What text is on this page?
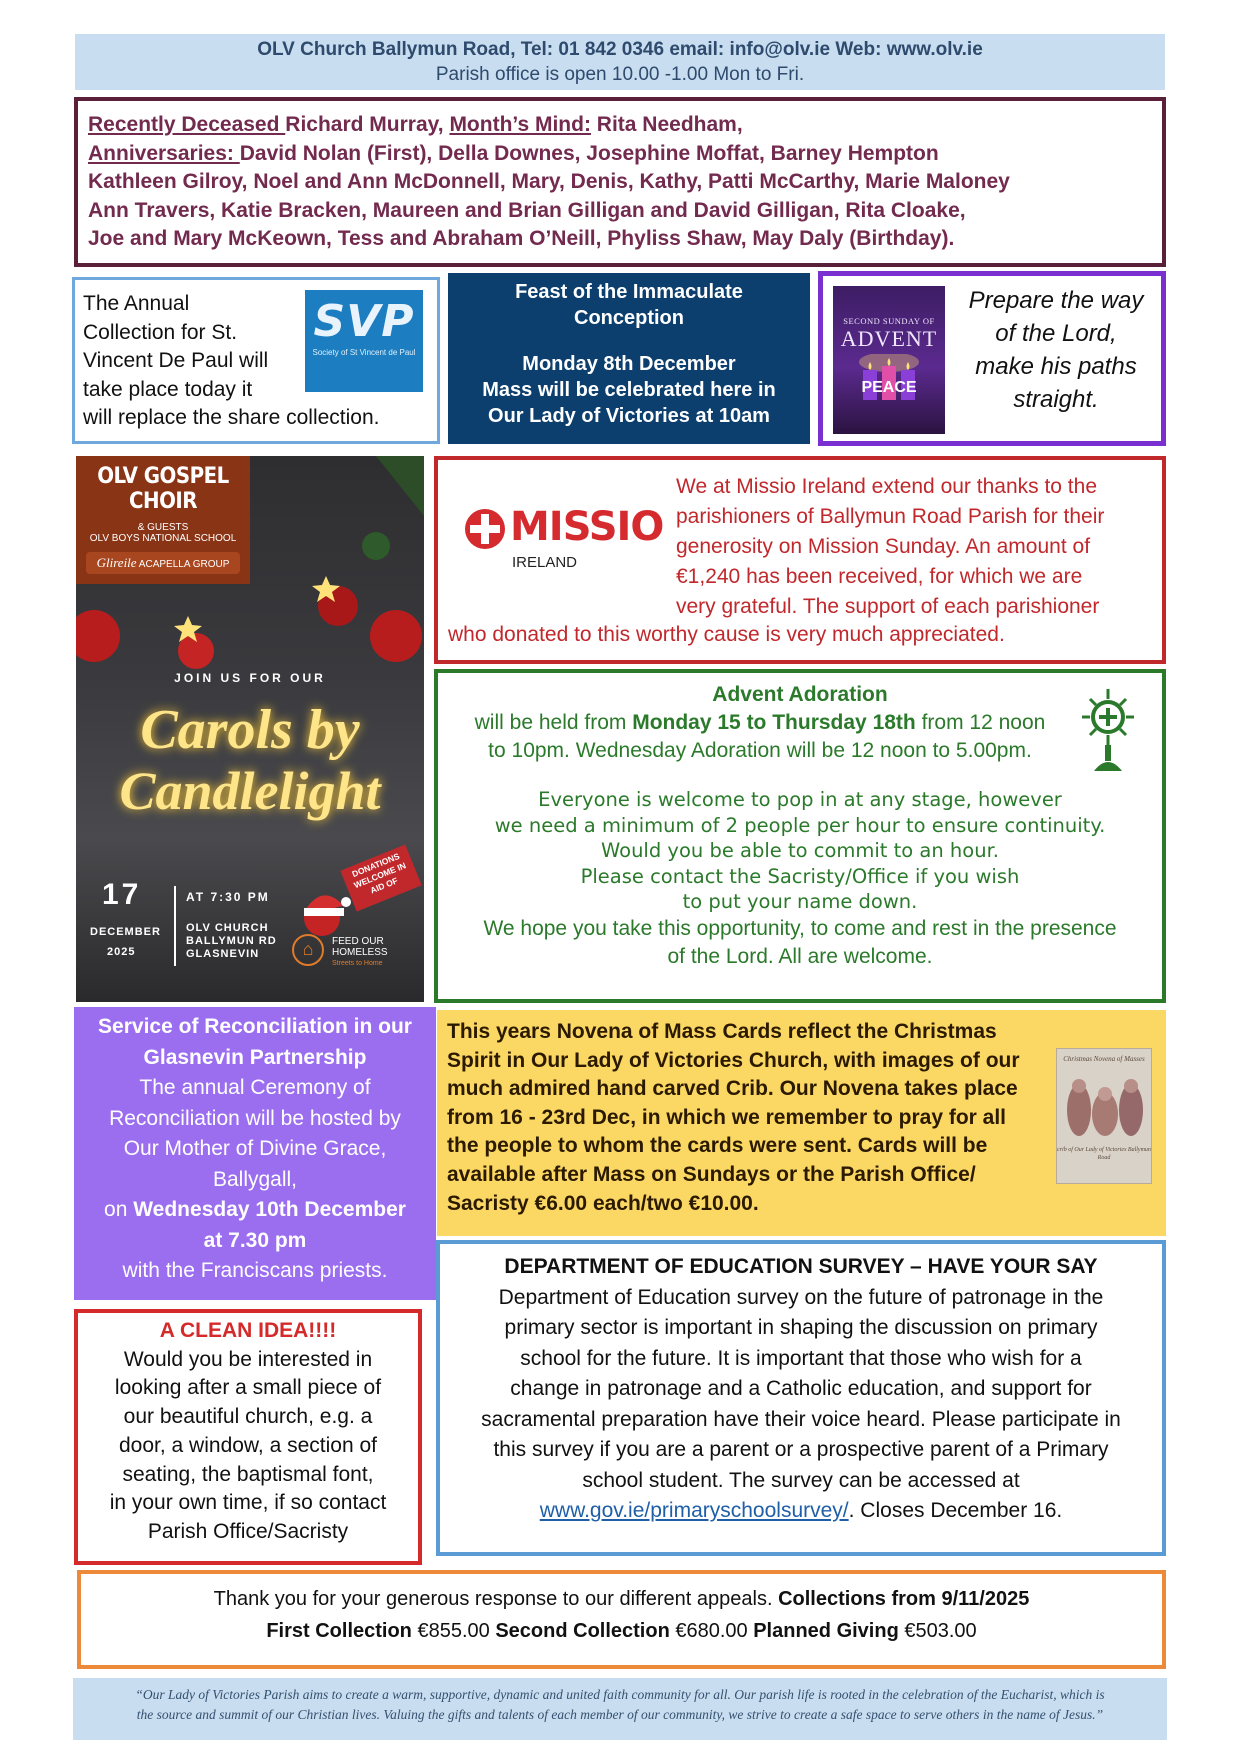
OLV Church Ballymun Road, Tel: 01 842 0346 email: info@olv.ie Web: www.olv.ie
Parish office is open 10.00 -1.00 Mon to Fri.
Recently Deceased Richard Murray, Month’s Mind: Rita Needham,
Anniversaries: David Nolan (First), Della Downes, Josephine Moffat, Barney Hempton
Kathleen Gilroy, Noel and Ann McDonnell, Mary, Denis, Kathy, Patti McCarthy, Marie Maloney
Ann Travers, Katie Bracken, Maureen and Brian Gilligan and David Gilligan, Rita Cloake,
Joe and Mary McKeown, Tess and Abraham O’Neill, Phyliss Shaw, May Daly (Birthday).
The Annual
Collection for St.
Vincent De Paul will
take place today it
will replace the share collection.
SVP
Society of St Vincent de Paul
Feast of the Immaculate
Conception
Monday 8th December
Mass will be celebrated here in
Our Lady of Victories at 10am
SECOND SUNDAY OF
ADVENT
PEACE
Prepare the way
of the Lord,
make his paths
straight.
OLV GOSPEL CHOIR
& GUESTS
OLV BOYS NATIONAL SCHOOL
Glireile ACAPELLA GROUP
JOIN US FOR OUR
Carols by
Candlelight
17
DECEMBER
2025
AT 7:30 PM
OLV CHURCH
BALLYMUN RD
GLASNEVIN
DONATIONS WELCOME IN AID OF
⌂	FEED OUR
HOMELESS
Streets to Home
MISSIO
IRELAND
We at Missio Ireland extend our thanks to the
parishioners of Ballymun Road Parish for their
generosity on Mission Sunday. An amount of
€1,240 has been received, for which we are
very grateful. The support of each parishioner
who donated to this worthy cause is very much appreciated.
Advent Adoration
will be held from Monday 15 to Thursday 18th from 12 noon
to 10pm. Wednesday Adoration will be 12 noon to 5.00pm.
Everyone is welcome to pop in at any stage, however
we need a minimum of 2 people per hour to ensure continuity.
Would you be able to commit to an hour.
Please contact the Sacristy/Office if you wish
to put your name down.
We hope you take this opportunity, to come and rest in the presence
of the Lord. All are welcome.
Service of Reconciliation in our
Glasnevin Partnership
The annual Ceremony of
Reconciliation will be hosted by
Our Mother of Divine Grace,
Ballygall,
on Wednesday 10th December
at 7.30 pm
with the Franciscans priests.
This years Novena of Mass Cards reflect the Christmas
Spirit in Our Lady of Victories Church, with images of our
much admired hand carved Crib. Our Novena takes place
from 16 - 23rd Dec, in which we remember to pray for all
the people to whom the cards were sent. Cards will be
available after Mass on Sundays or the Parish Office/
Sacristy €6.00 each/two €10.00.
Christmas Novena of Masses
crib of Our Lady of Victories Ballymun Road
A CLEAN IDEA!!!!
Would you be interested in
looking after a small piece of
our beautiful church, e.g. a
door, a window, a section of
seating, the baptismal font,
in your own time, if so contact
Parish Office/Sacristy
DEPARTMENT OF EDUCATION SURVEY – HAVE YOUR SAY
Department of Education survey on the future of patronage in the
primary sector is important in shaping the discussion on primary
school for the future. It is important that those who wish for a
change in patronage and a Catholic education, and support for
sacramental preparation have their voice heard. Please participate in
this survey if you are a parent or a prospective parent of a Primary
school student. The survey can be accessed at
www.gov.ie/primaryschoolsurvey/. Closes December 16.
Thank you for your generous response to our different appeals. Collections from 9/11/2025
First Collection €855.00 Second Collection €680.00 Planned Giving €503.00
“Our Lady of Victories Parish aims to create a warm, supportive, dynamic and united faith community for all. Our parish life is rooted in the celebration of the Eucharist, which is
the source and summit of our Christian lives. Valuing the gifts and talents of each member of our community, we strive to create a safe space to serve others in the name of Jesus.”
